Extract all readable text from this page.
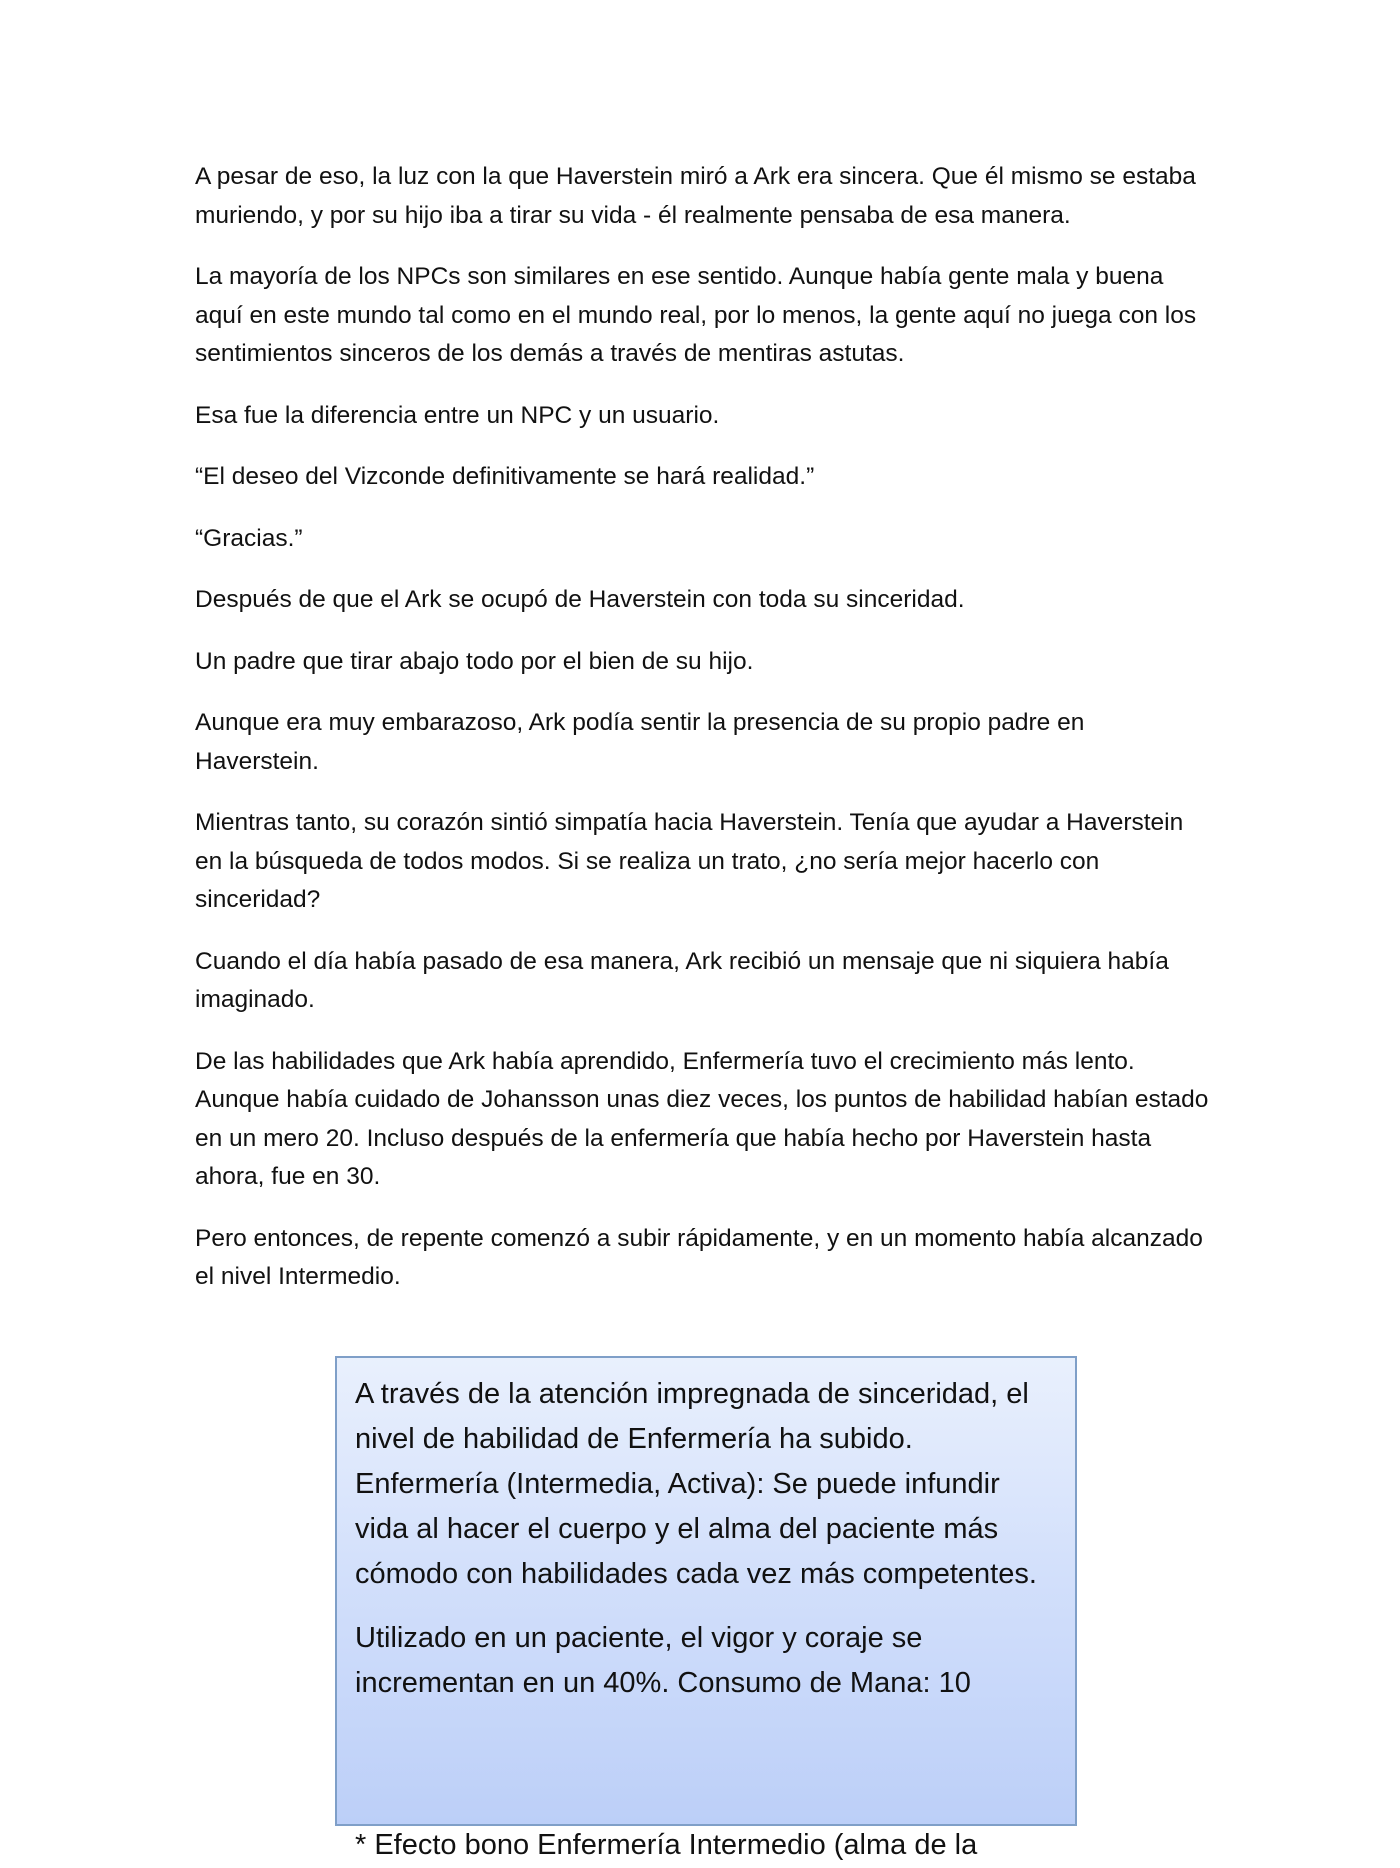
A pesar de eso, la luz con la que Haverstein miró a Ark era sincera. Que él mismo se estaba muriendo, y por su hijo iba a tirar su vida - él realmente pensaba de esa manera.

La mayoría de los NPCs son similares en ese sentido. Aunque había gente mala y buena aquí en este mundo tal como en el mundo real, por lo menos, la gente aquí no juega con los sentimientos sinceros de los demás a través de mentiras astutas.

Esa fue la diferencia entre un NPC y un usuario.

“El deseo del Vizconde definitivamente se hará realidad.”

“Gracias.”

Después de que el Ark se ocupó de Haverstein con toda su sinceridad.

Un padre que tirar abajo todo por el bien de su hijo.

Aunque era muy embarazoso, Ark podía sentir la presencia de su propio padre en Haverstein.

Mientras tanto, su corazón sintió simpatía hacia Haverstein. Tenía que ayudar a Haverstein en la búsqueda de todos modos. Si se realiza un trato, ¿no sería mejor hacerlo con sinceridad?

Cuando el día había pasado de esa manera, Ark recibió un mensaje que ni siquiera había imaginado.

De las habilidades que Ark había aprendido, Enfermería tuvo el crecimiento más lento. Aunque había cuidado de Johansson unas diez veces, los puntos de habilidad habían estado en un mero 20. Incluso después de la enfermería que había hecho por Haverstein hasta ahora, fue en 30.

Pero entonces, de repente comenzó a subir rápidamente, y en un momento había alcanzado el nivel Intermedio.

A través de la atención impregnada de sinceridad, el nivel de habilidad de Enfermería ha subido. Enfermería (Intermedia, Activa): Se puede infundir vida al hacer el cuerpo y el alma del paciente más cómodo con habilidades cada vez más competentes.

Utilizado en un paciente, el vigor y coraje se incrementan en un 40%. Consumo de Mana: 10

* Efecto bono Enfermería Intermedio (alma de la
